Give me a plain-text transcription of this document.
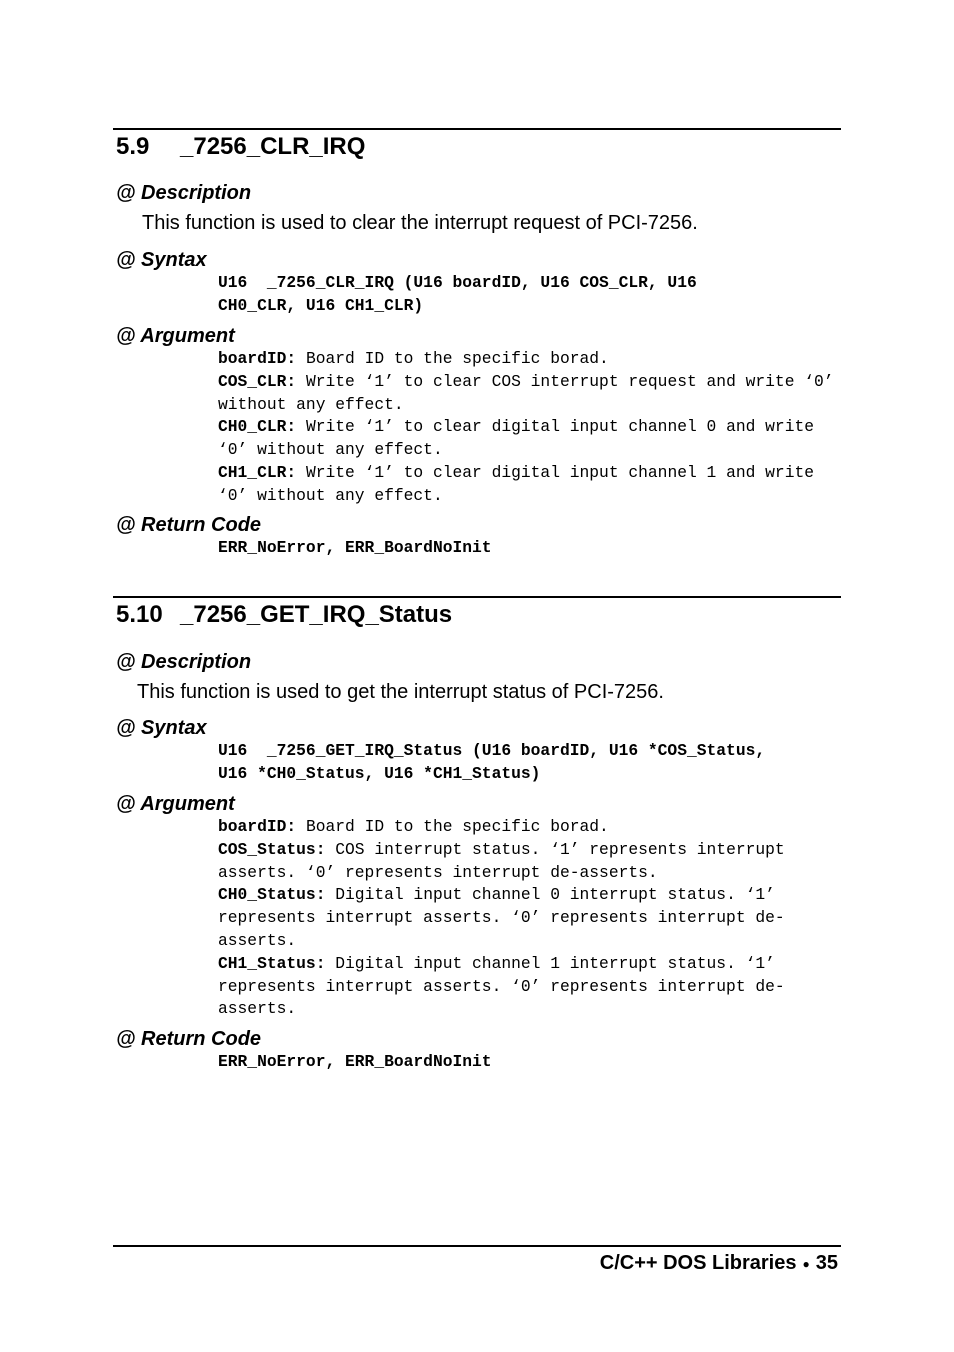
5.9 _7256_CLR_IRQ
@ Description
This function is used to clear the interrupt request of PCI-7256.
@ Syntax
U16  _7256_CLR_IRQ (U16 boardID, U16 COS_CLR, U16
CH0_CLR, U16 CH1_CLR)
@ Argument

boardID: Board ID to the specific borad.

COS_CLR: Write ‘1’ to clear COS interrupt request and write ‘0’ without any effect.

CH0_CLR: Write ‘1’ to clear digital input channel 0 and write ‘0’ without any effect.

CH1_CLR: Write ‘1’ to clear digital input channel 1 and write ‘0’ without any effect.

@ Return Code
ERR_NoError, ERR_BoardNoInit
5.10 _7256_GET_IRQ_Status
@ Description
This function is used to get the interrupt status of PCI-7256.
@ Syntax
U16  _7256_GET_IRQ_Status (U16 boardID, U16 *COS_Status,
U16 *CH0_Status, U16 *CH1_Status)
@ Argument

boardID: Board ID to the specific borad.

COS_Status: COS interrupt status. ‘1’ represents interrupt asserts. ‘0’ represents interrupt de-asserts.

CH0_Status: Digital input channel 0 interrupt status. ‘1’ represents interrupt asserts. ‘0’ represents interrupt de-asserts.

CH1_Status: Digital input channel 1 interrupt status. ‘1’ represents interrupt asserts. ‘0’ represents interrupt de-asserts.

@ Return Code
ERR_NoError, ERR_BoardNoInit
C/C++ DOS Libraries ● 35
